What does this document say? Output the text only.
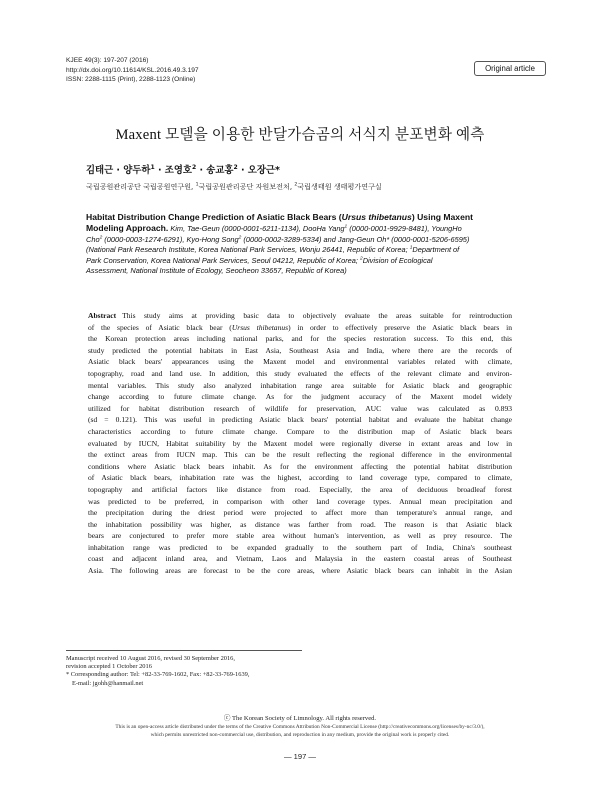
KJEE 49(3): 197-207 (2016)
http://dx.doi.org/10.11614/KSL.2016.49.3.197
ISSN: 2288-1115 (Print), 2288-1123 (Online)
Original article
Maxent 모델을 이용한 반달가슴곰의 서식지 분포변화 예측
김태근 · 양두하$^1$ · 조영호$^2$ · 송교홍$^2$ · 오장근*
국립공원관리공단 국립공원연구원, $^1$국립공원관리공단 자원보전처, $^2$국립생태원 생태평가연구실
Habitat Distribution Change Prediction of Asiatic Black Bears (Ursus thibetanus) Using Maxent
Modeling Approach. Kim, Tae-Geun (0000-0001-6211-1134), DooHa Yang$^1$ (0000-0001-9929-8481), YoungHo
Cho$^2$ (0000-0003-1274-6291), Kyo-Hong Song$^2$ (0000-0002-3289-5334) and Jang-Geun Oh* (0000-0001-5206-6595)
(National Park Research Institute, Korea National Park Services, Wonju 26441, Republic of Korea; $^1$Department of
Park Conservation, Korea National Park Services, Seoul 04212, Republic of Korea; $^2$Division of Ecological
Assessment, National Institute of Ecology, Seocheon 33657, Republic of Korea)
Abstract This study aims at providing basic data to objectively evaluate the areas suitable for reintroduction
of the species of Asiatic black bear (Ursus thibetanus) in order to effectively preserve the Asiatic black bears in
the Korean protection areas including national parks, and for the species restoration success. To this end, this
study predicted the potential habitats in East Asia, Southeast Asia and India, where there are the records of
Asiatic black bears' appearances using the Maxent model and environmental variables related with climate,
topography, road and land use. In addition, this study evaluated the effects of the relevant climate and environ-
mental variables. This study also analyzed inhabitation range area suitable for Asiatic black and geographic
change according to future climate change. As for the judgment accuracy of the Maxent model widely
utilized for habitat distribution research of wildlife for preservation, AUC value was calculated as 0.893
(sd = 0.121). This was useful in predicting Asiatic black bears' potential habitat and evaluate the habitat change
characteristics according to future climate change. Compare to the distribution map of Asiatic black bears
evaluated by IUCN, Habitat suitability by the Maxent model were regionally diverse in extant areas and low in
the extinct areas from IUCN map. This can be the result reflecting the regional difference in the environmental
conditions where Asiatic black bears inhabit. As for the environment affecting the potential habitat distribution
of Asiatic black bears, inhabitation rate was the highest, according to land coverage type, compared to climate,
topography and artificial factors like distance from road. Especially, the area of deciduous broadleaf forest
was predicted to be preferred, in comparison with other land coverage types. Annual mean precipitation and
the precipitation during the driest period were projected to affect more than temperature's annual range, and
the inhabitation possibility was higher, as distance was farther from road. The reason is that Asiatic black
bears are conjectured to prefer more stable area without human's intervention, as well as prey resource. The
inhabitation range was predicted to be expanded gradually to the southern part of India, China's southeast
coast and adjacent inland area, and Vietnam, Laos and Malaysia in the eastern coastal areas of Southeast
Asia. The following areas are forecast to be the core areas, where Asiatic black bears can inhabit in the Asian
Manuscript received 10 August 2016, revised 30 September 2016,
revision accepted 1 October 2016
* Corresponding author: Tel: +82-33-769-1602, Fax: +82-33-769-1639,
E-mail: jgohh@hanmail.net
ⓒ The Korean Society of Limnology. All rights reserved.
This is an open-access article distributed under the terms of the Creative Commons Attribution Non-Commercial License (http://creativecommons.org/licenses/by-nc/3.0/),
which permits unrestricted non-commercial use, distribution, and reproduction in any medium, provide the original work is properly cited.
— 197 —
